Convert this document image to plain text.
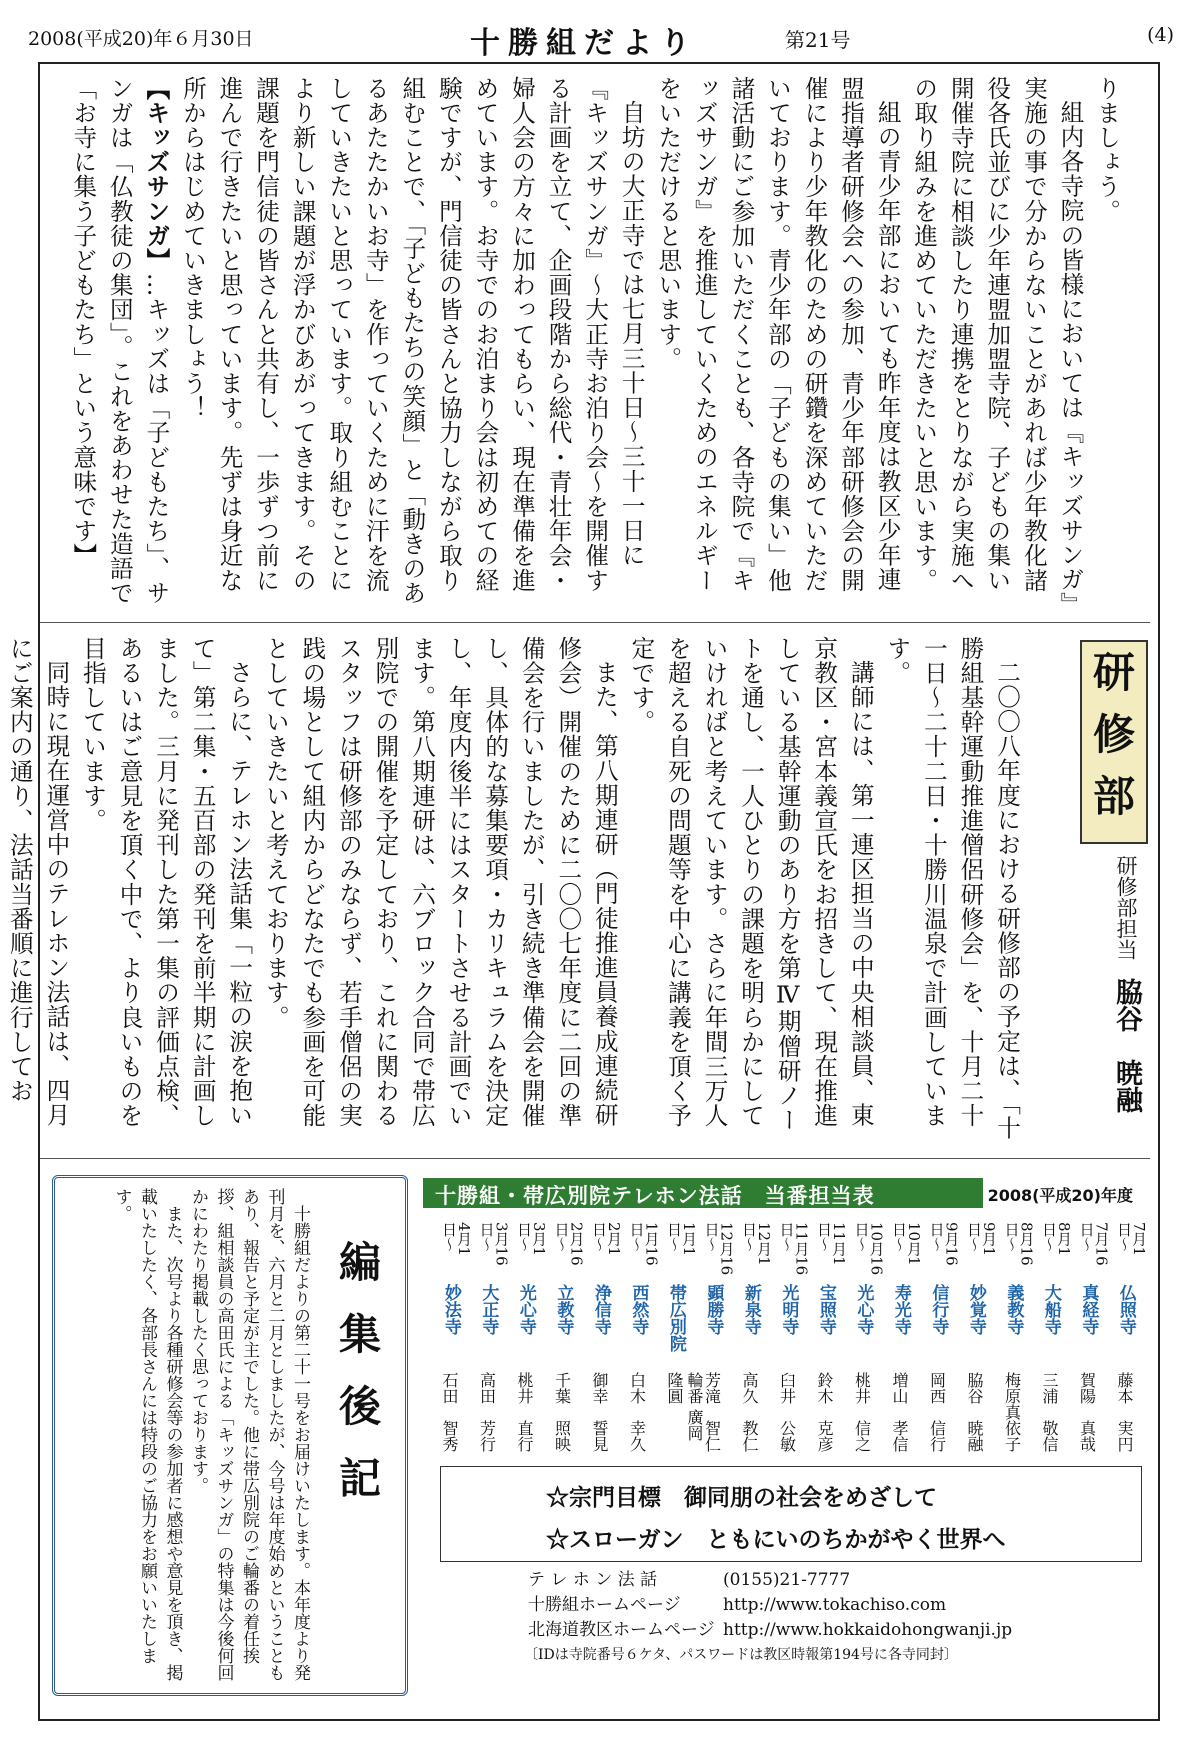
2008(平成20)年６月30日	十勝組だより	第21号	(4)

りましょう。

組内各寺院の皆様においては『キッズサンガ』実施の事で分からないことがあれば少年教化諸役各氏並びに少年連盟加盟寺院、子どもの集い開催寺院に相談したり連携をとりながら実施への取り組みを進めていただきたいと思います。

組の青少年部においても昨年度は教区少年連盟指導者研修会への参加、青少年部研修会の開催により少年教化のための研鑽を深めていただいております。青少年部の「子どもの集い」他諸活動にご参加いただくことも、各寺院で『キッズサンガ』を推進していくためのエネルギーをいただけると思います。

自坊の大正寺では七月三十日〜三十一日に『キッズサンガ』〜大正寺お泊り会〜を開催する計画を立て、企画段階から総代・青壮年会・婦人会の方々に加わってもらい、現在準備を進めています。お寺でのお泊まり会は初めての経験ですが、門信徒の皆さんと協力しながら取り組むことで、「子どもたちの笑顔」と「動きのあるあたたかいお寺」を作っていくために汗を流していきたいと思っています。取り組むことにより新しい課題が浮かびあがってきます。その課題を門信徒の皆さんと共有し、一歩ずつ前に進んで行きたいと思っています。先ずは身近な所からはじめていきましょう！

【キッズサンガ】…キッズは「子どもたち」、サンガは「仏教徒の集団」。これをあわせた造語で「お寺に集う子どもたち」という意味です】

研
修
部
研修部担当脇谷　暁融

二〇〇八年度における研修部の予定は、「十勝組基幹運動推進僧侶研修会」を、十月二十一日〜二十二日・十勝川温泉で計画しています。

講師には、第一連区担当の中央相談員、東京教区・宮本義宣氏をお招きして、現在推進している基幹運動のあり方を第Ⅳ期僧研ノートを通し、一人ひとりの課題を明らかにしていければと考えています。さらに年間三万人を超える自死の問題等を中心に講義を頂く予定です。

また、第八期連研（門徒推進員養成連続研修会）開催のために二〇〇七年度に二回の準備会を行いましたが、引き続き準備会を開催し、具体的な募集要項・カリキュラムを決定し、年度内後半にはスタートさせる計画でいます。第八期連研は、六ブロック合同で帯広別院での開催を予定しており、これに関わるスタッフは研修部のみならず、若手僧侶の実践の場として組内からどなたでも参画を可能としていきたいと考えております。

さらに、テレホン法話集「一粒の涙を抱いて」第二集・五百部の発刊を前半期に計画しました。三月に発刊した第一集の評価点検、あるいはご意見を頂く中で、より良いものを目指しています。

同時に現在運営中のテレホン法話は、四月にご案内の通り、法話当番順に進行してお

編集後記

十勝組だよりの第二十一号をお届けいたします。本年度より発刊月を、六月と二月としましたが、今号は年度始めということもあり、報告と予定が主でした。他に帯広別院のご輪番の着任挨拶、組相談員の高田氏による「キッズサンガ」の特集は今後何回かにわたり掲載したく思っております。

また、次号より各種研修会等の参加者に感想や意見を頂き、掲載いたしたく、各部長さんには特段のご協力をお願いいたします。	十勝組・帯広別院テレホン法話　当番担当表	2008(平成20)年度
7月1日〜
仏照寺
藤本　実円
7月16日〜
真経寺
賀陽　真哉
8月1日〜
大船寺
三浦　敬信
8月16日〜
義教寺
梅原真依子
9月1日〜
妙覚寺
脇谷　暁融
9月16日〜
信行寺
岡西　信行
10月1日〜
寿光寺
増山　孝信
10月16日〜
光心寺
桃井　信之
11月1日〜
宝照寺
鈴木　克彦
11月16日〜
光明寺
臼井　公敏
12月1日〜
新泉寺
高久　教仁
12月16日〜
顕勝寺
芳滝　智仁
1月1日〜
帯広別院
輪番 廣岡　隆圓
1月16日〜
西然寺
白木　幸久
2月1日〜
浄信寺
御幸　誓見
2月16日〜
立教寺
千葉　照映
3月1日〜
光心寺
桃井　直行
3月16日〜
大正寺
高田　芳行
4月1日〜
妙法寺
石田　智秀
☆宗門目標　御同朋の社会をめざして
☆スローガン　ともにいのちかがやく世界へ
テ レ ホ ン 法 話	(0155)21-7777
十勝組ホームページ http://www.tokachiso.com
北海道教区ホームページ http://www.hokkaidohongwanji.jp
〔IDは寺院番号６ケタ、パスワードは教区時報第194号に各寺同封〕
